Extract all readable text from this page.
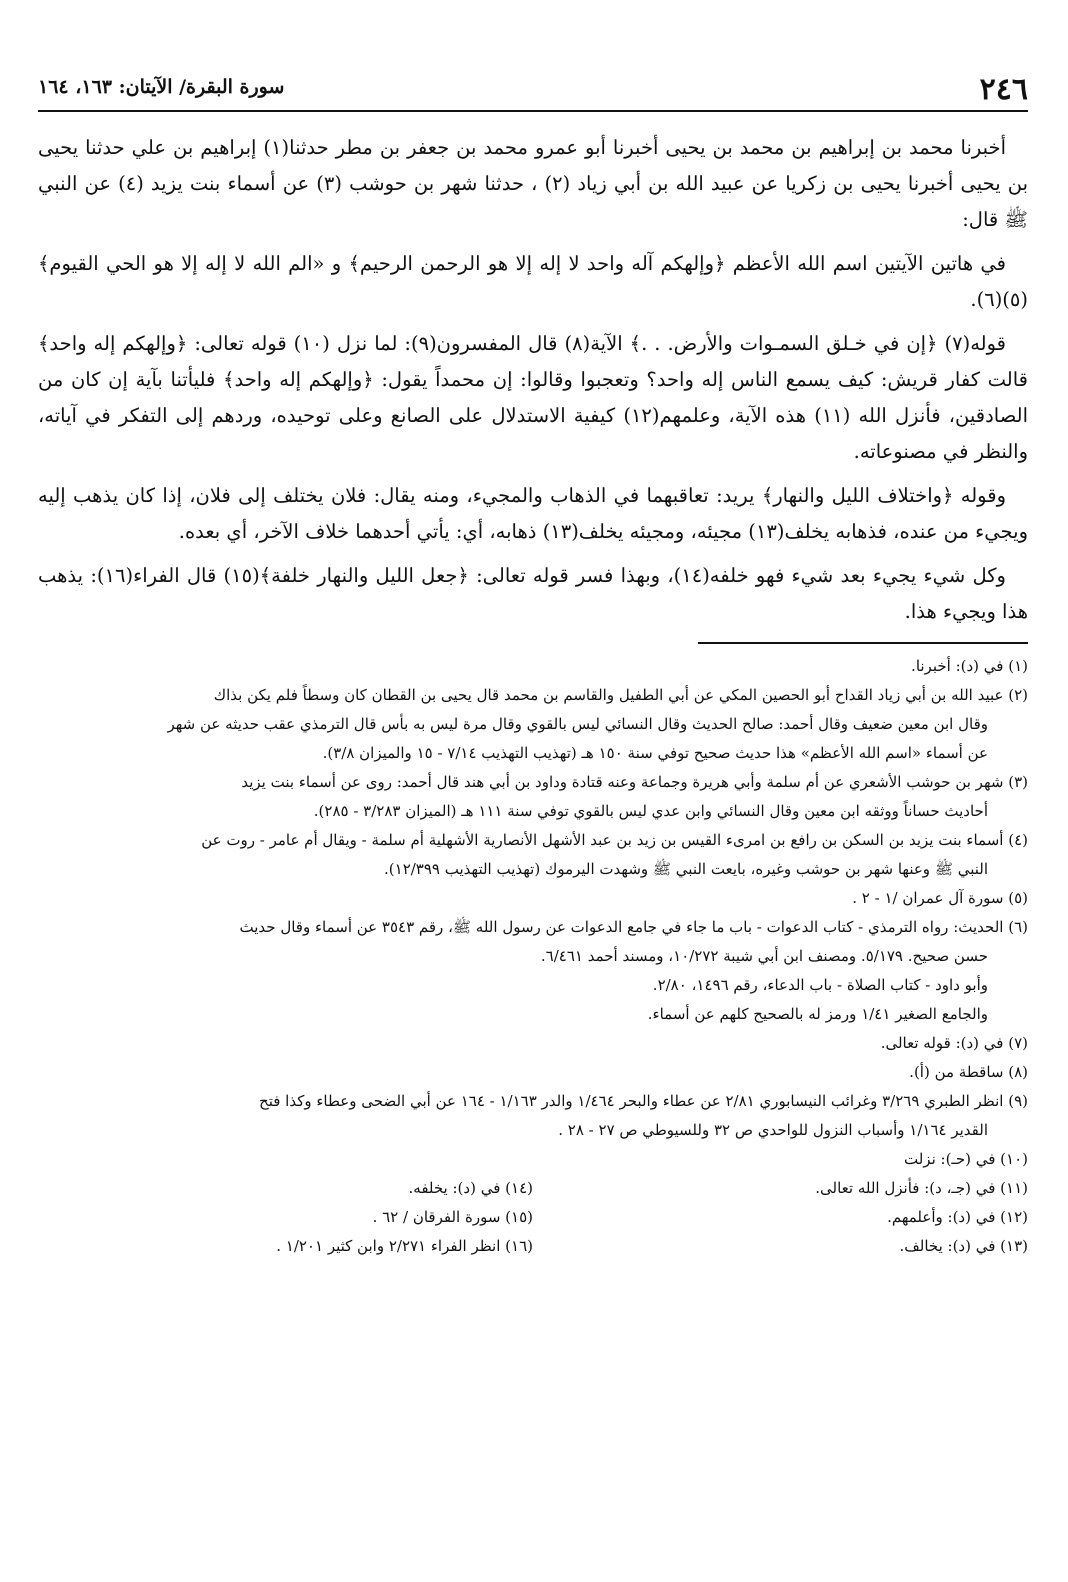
٢٤٦
سورة البقرة/ الآيتان: ١٦٣، ١٦٤

أخبرنا محمد بن إبراهيم بن محمد بن يحيى أخبرنا أبو عمرو محمد بن جعفر بن مطر حدثنا(١) إبراهيم بن علي حدثنا يحيى بن يحيى أخبرنا يحيى بن زكريا عن عبيد الله بن أبي زياد (٢) ، حدثنا شهر بن حوشب (٣) عن أسماء بنت يزيد (٤) عن النبي ﷺ قال:

في هاتين الآيتين اسم الله الأعظم ﴿وإلهكم آله واحد لا إله إلا هو الرحمن الرحيم﴾ و «الم الله لا إله إلا هو الحي القيوم﴾(٥)(٦).

قوله(٧) ﴿إن في خـلق السمـوات والأرض. . .﴾ الآية(٨) قال المفسرون(٩): لما نزل (١٠) قوله تعالى: ﴿وإلهكم إله واحد﴾ قالت كفار قريش: كيف يسمع الناس إله واحد؟ وتعجبوا وقالوا: إن محمداً يقول: ﴿وإلهكم إله واحد﴾ فليأتنا بآية إن كان من الصادقين، فأنزل الله (١١) هذه الآية، وعلمهم(١٢) كيفية الاستدلال على الصانع وعلى توحيده، وردهم إلى التفكر في آياته، والنظر في مصنوعاته.

وقوله ﴿واختلاف الليل والنهار﴾ يريد: تعاقبهما في الذهاب والمجيء، ومنه يقال: فلان يختلف إلى فلان، إذا كان يذهب إليه ويجيء من عنده، فذهابه يخلف(١٣) مجيئه، ومجيئه يخلف(١٣) ذهابه، أي: يأتي أحدهما خلاف الآخر، أي بعده.

وكل شيء يجيء بعد شيء فهو خلفه(١٤)، وبهذا فسر قوله تعالى: ﴿جعل الليل والنهار خلفة﴾(١٥) قال الفراء(١٦): يذهب هذا ويجيء هذا.

(١) في (د): أخبرنا.

(٢) عبيد الله بن أبي زياد القداح أبو الحصين المكي عن أبي الطفيل والقاسم بن محمد قال يحيى بن القطان كان وسطاً فلم يكن بذاك

وقال ابن معين ضعيف وقال أحمد: صالح الحديث وقال النسائي ليس بالقوي وقال مرة ليس به بأس قال الترمذي عقب حديثه عن شهر

عن أسماء «اسم الله الأعظم» هذا حديث صحيح توفي سنة ١٥٠ هـ (تهذيب التهذيب ٧/١٤ - ١٥ والميزان ٣/٨).

(٣) شهر بن حوشب الأشعري عن أم سلمة وأبي هريرة وجماعة وعنه قتادة وداود بن أبي هند قال أحمد: روى عن أسماء بنت يزيد

أحاديث حساناً ووثقه ابن معين وقال النسائي وابن عدي ليس بالقوي توفي سنة ١١١ هـ (الميزان ٣/٢٨٣ - ٢٨٥).

(٤) أسماء بنت يزيد بن السكن بن رافع بن امرىء القيس بن زيد بن عبد الأشهل الأنصارية الأشهلية أم سلمة - ويقال أم عامر - روت عن

النبي ﷺ وعنها شهر بن حوشب وغيره، بايعت النبي ﷺ وشهدت اليرموك (تهذيب التهذيب ١٢/٣٩٩).

(٥) سورة آل عمران /١ - ٢ .

(٦) الحديث: رواه الترمذي - كتاب الدعوات - باب ما جاء في جامع الدعوات عن رسول الله ﷺ، رقم ٣٥٤٣ عن أسماء وقال حديث

حسن صحيح. ٥/١٧٩. ومصنف ابن أبي شيبة ١٠/٢٧٢، ومسند أحمد ٦/٤٦١.

وأبو داود - كتاب الصلاة - باب الدعاء، رقم ١٤٩٦، ٢/٨٠.

والجامع الصغير ١/٤١ ورمز له بالصحيح كلهم عن أسماء.

(٧) في (د): قوله تعالى.

(٨) ساقطة من (أ).

(٩) انظر الطبري ٣/٢٦٩ وغرائب النيسابوري ٢/٨١ عن عطاء والبحر ١/٤٦٤ والدر ١/١٦٣ - ١٦٤ عن أبي الضحى وعطاء وكذا فتح

القدير ١/١٦٤ وأسباب النزول للواحدي ص ٣٢ وللسيوطي ص ٢٧ - ٢٨ .

(١٠) في (حـ): نزلت

(١١) في (جـ، د): فأنزل الله تعالى.

(١٢) في (د): وأعلمهم.

(١٣) في (د): يخالف.

(١٤) في (د): يخلفه.

(١٥) سورة الفرقان / ٦٢ .

(١٦) انظر الفراء ٢/٢٧١ وابن كثير ١/٢٠١ .
